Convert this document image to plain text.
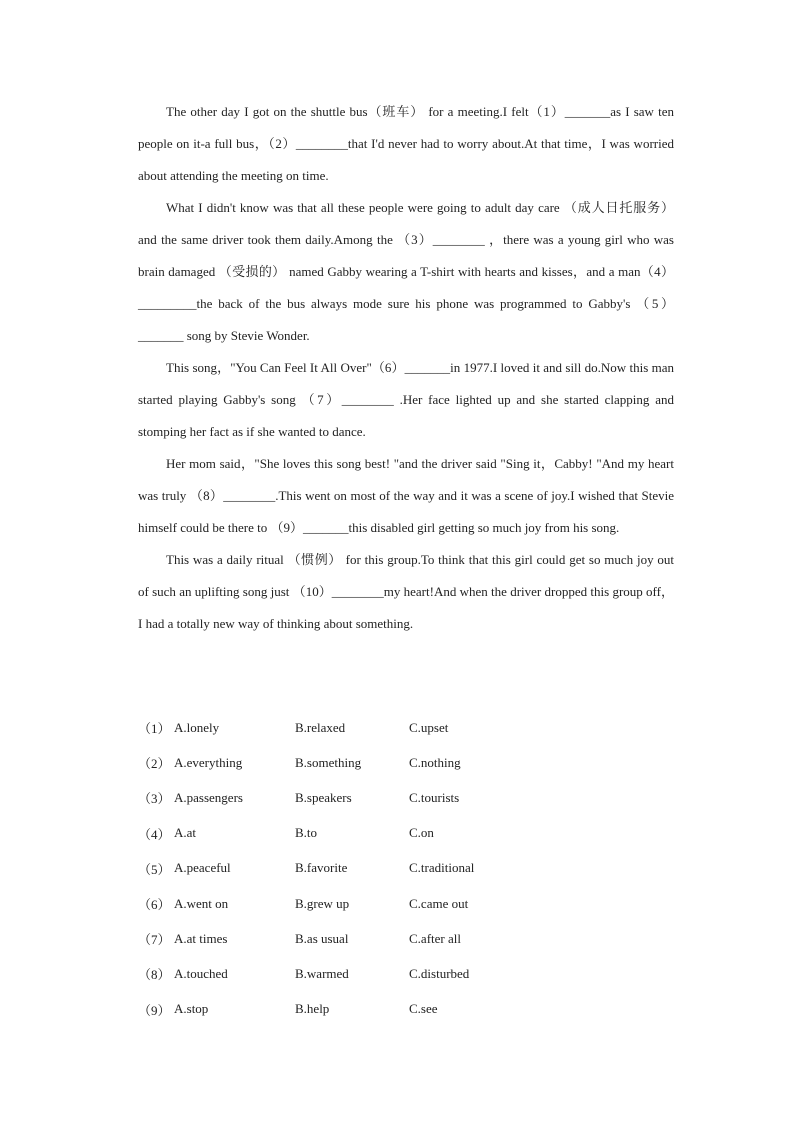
The other day I got on the shuttle bus（班车） for a meeting.I felt（1）_______as I saw ten people on it-a full bus，（2）________that I'd never had to worry about.At that time，I was worried about attending the meeting on time.

What I didn't know was that all these people were going to adult day care （成人日托服务） and the same driver took them daily.Among the （3）________ ，there was a young girl who was brain damaged （受损的） named Gabby wearing a T-shirt with hearts and kisses，and a man（4）_________the back of the bus always mode sure his phone was programmed to Gabby's （5）_______ song by Stevie Wonder.

This song，"You Can Feel It All Over"（6）_______in 1977.I loved it and sill do.Now this man started playing Gabby's song （7）________ .Her face lighted up and she started clapping and stomping her fact as if she wanted to dance.

Her mom said，"She loves this song best! "and the driver said "Sing it，Cabby! "And my heart was truly （8）________.This went on most of the way and it was a scene of joy.I wished that Stevie himself could be there to （9）_______this disabled girl getting so much joy from his song.

This was a daily ritual （惯例） for this group.To think that this girl could get so much joy out of such an uplifting song just （10）________my heart!And when the driver dropped this group off，I had a totally new way of thinking about something.

（1） A.lonely	B.relaxed	C.upset
（2） A.everything	B.something	C.nothing
（3） A.passengers	B.speakers	C.tourists
（4） A.at	B.to	C.on
（5） A.peaceful	B.favorite	C.traditional
（6） A.went on	B.grew up	C.came out
（7） A.at times	B.as usual	C.after all
（8） A.touched	B.warmed	C.disturbed
（9） A.stop	B.help	C.see
